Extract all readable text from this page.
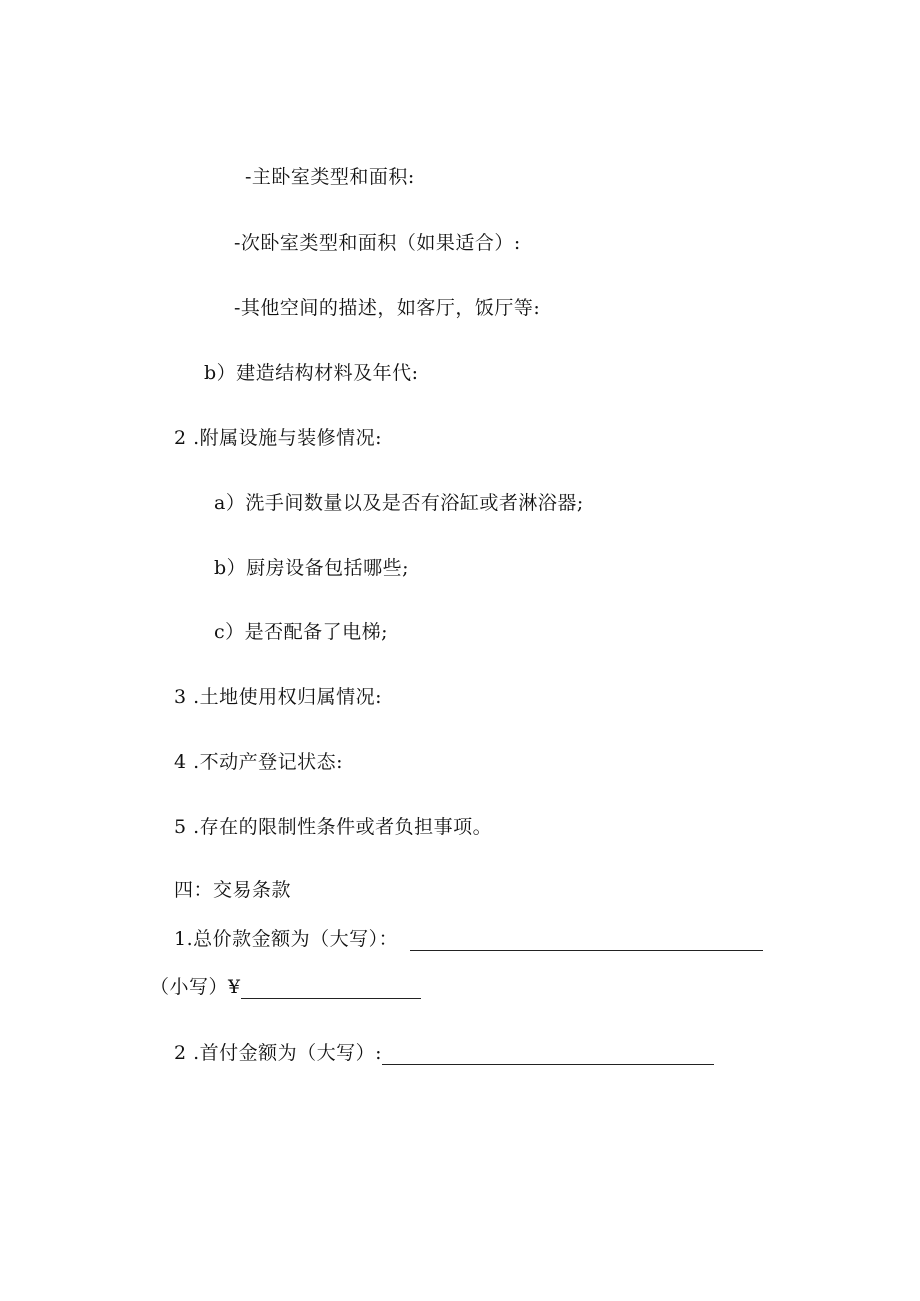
-主卧室类型和面积:
-次卧室类型和面积（如果适合）:
-其他空间的描述，如客厅，饭厅等:
b）建造结构材料及年代:
2 .附属设施与装修情况:
a）洗手间数量以及是否有浴缸或者淋浴器;
b）厨房设备包括哪些;
c）是否配备了电梯;
3 .土地使用权归属情况:
4 .不动产登记状态:
5 .存在的限制性条件或者负担事项。
四：交易条款
1.总价款金额为（大写）：
（小写）¥
2 .首付金额为（大写）:
